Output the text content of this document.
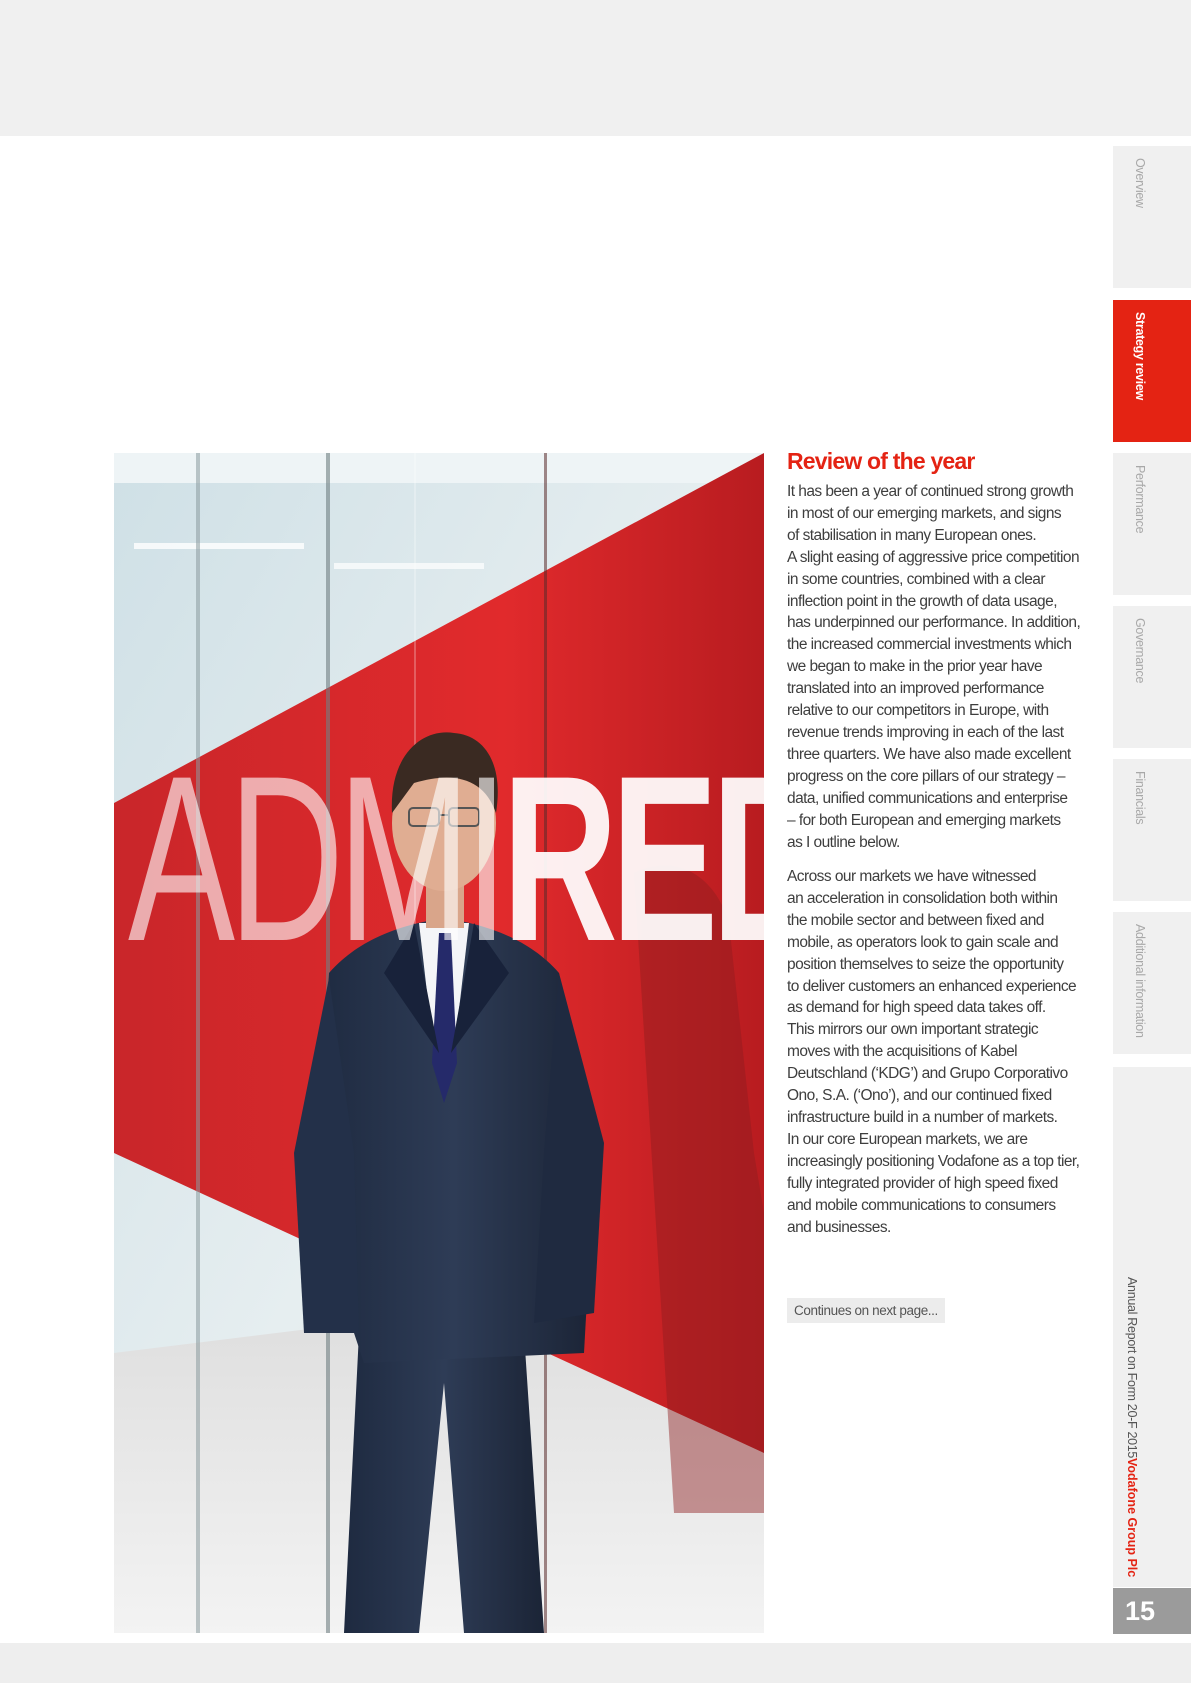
ADMIRED
Review of the year

It has been a year of continued strong growth
in most of our emerging markets, and signs
of stabilisation in many European ones.
A slight easing of aggressive price competition
in some countries, combined with a clear
inflection point in the growth of data usage,
has underpinned our performance. In addition,
the increased commercial investments which
we began to make in the prior year have
translated into an improved performance
relative to our competitors in Europe, with
revenue trends improving in each of the last
three quarters. We have also made excellent
progress on the core pillars of our strategy –
data, unified communications and enterprise
– for both European and emerging markets
as I outline below.

Across our markets we have witnessed
an acceleration in consolidation both within
the mobile sector and between fixed and
mobile, as operators look to gain scale and
position themselves to seize the opportunity
to deliver customers an enhanced experience
as demand for high speed data takes off.
This mirrors our own important strategic
moves with the acquisitions of Kabel
Deutschland (‘KDG’) and Grupo Corporativo
Ono, S.A. (‘Ono’), and our continued fixed
infrastructure build in a number of markets.
In our core European markets, we are
increasingly positioning Vodafone as a top tier,
fully integrated provider of high speed fixed
and mobile communications to consumers
and businesses.

Continues on next page...
Overview
Strategy review
Performance
Governance
Financials
Additional information
Vodafone Group Plc
Annual Report on Form 20-F 2015
15
